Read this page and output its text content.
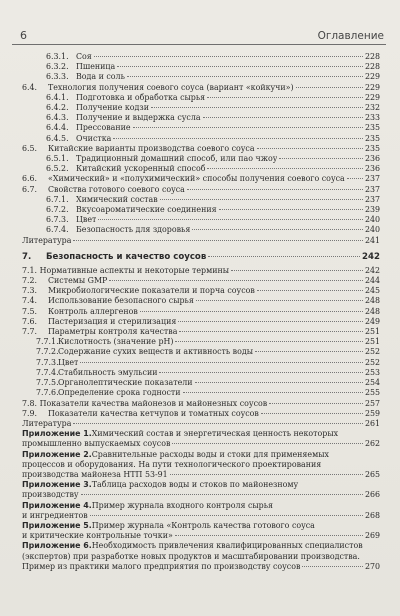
6	Оглавление
6.3.1. Соя	228
6.3.2. Пшеница	228
6.3.3. Вода и соль	229
6.4.	Технология получения соевого соуса (вариант «койкучи»)	229
6.4.1. Подготовка и обработка сырья	229
6.4.2. Получение кодзи	232
6.4.3. Получение и выдержка сусла	233
6.4.4. Прессование	235
6.4.5. Очистка	235
6.5.	Китайские варианты производства соевого соуса	235
6.5.1. Традиционный домашний способ, или пао чжоу	236
6.5.2. Китайский ускоренный способ	236
6.6.	«Химический» и «полухимический» способы получения соевого соуса	237
6.7.	Свойства готового соевого соуса	237
6.7.1. Химический состав	237
6.7.2. Вкусоароматические соединения	239
6.7.3. Цвет	240
6.7.4. Безопасность для здоровья	240
Литература	241
7.	Безопасность и качество соусов	242
7.1. Нормативные аспекты и некоторые термины	242
7.2.	Системы GMP	244
7.3.	Микробиологические показатели и порча соусов	245
7.4.	Использование безопасного сырья	248
7.5.	Контроль аллергенов	248
7.6.	Пастеризация и стерилизация	249
7.7.	Параметры контроля качества	251
7.7.1. Кислотность (значение pH)	251
7.7.2. Содержание сухих веществ и активность воды	252
7.7.3. Цвет	252
7.7.4. Стабильность эмульсии	253
7.7.5. Органолептические показатели	254
7.7.6. Определение срока годности	255
7.8. Показатели качества майонезов и майонезных соусов	257
7.9.	Показатели качества кетчупов и томатных соусов	259
Литература	261
Приложение 1. Химический состав и энергетическая ценность некоторых
промышленно выпускаемых соусов	262
Приложение 2. Сравнительные расходы воды и стоки для применяемых
процессов и оборудования. На пути технологического проектирования
производства майонеза НТП 53-91	265
Приложение 3. Таблица расходов воды и стоков по майонезному
производству	266
Приложение 4. Пример журнала входного контроля сырья
и ингредиентов	268
Приложение 5. Пример журнала «Контроль качества готового соуса
и критические контрольные точки»	269
Приложение 6. Необходимость привлечения квалифицированных специалистов
(экспертов) при разработке новых продуктов и масштабировании производства.
Пример из практики малого предприятия по производству соусов	270
